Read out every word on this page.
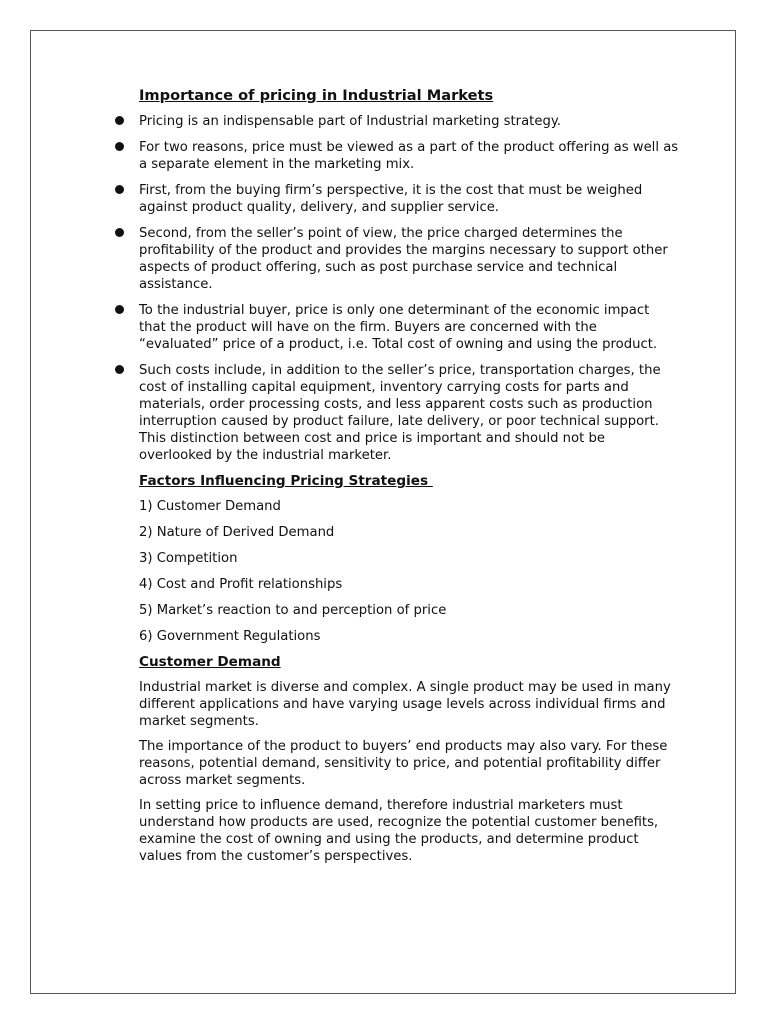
Importance of pricing in Industrial Markets
Pricing is an indispensable part of Industrial marketing strategy.
For two reasons, price must be viewed as a part of the product offering as well as a separate element in the marketing mix.
First, from the buying firm’s perspective, it is the cost that must be weighed against product quality, delivery, and supplier service.
Second, from the seller’s point of view, the price charged determines the profitability of the product and provides the margins necessary to support other aspects of product offering, such as post purchase service and technical assistance.
To the industrial buyer, price is only one determinant of the economic impact that the product will have on the firm. Buyers are concerned with the “evaluated” price of a product, i.e. Total cost of owning and using the product.
Such costs include, in addition to the seller’s price, transportation charges, the cost of installing capital equipment, inventory carrying costs for parts and materials, order processing costs, and less apparent costs such as production interruption caused by product failure, late delivery, or poor technical support. This distinction between cost and price is important and should not be overlooked by the industrial marketer.
Factors Influencing Pricing Strategies
1) Customer Demand
2) Nature of Derived Demand
3) Competition
4) Cost and Profit relationships
5) Market’s reaction to and perception of price
6) Government Regulations
Customer Demand

Industrial market is diverse and complex. A single product may be used in many different applications and have varying usage levels across individual firms and market segments.

The importance of the product to buyers’ end products may also vary. For these reasons, potential demand, sensitivity to price, and potential profitability differ across market segments.

In setting price to influence demand, therefore industrial marketers must understand how products are used, recognize the potential customer benefits, examine the cost of owning and using the products, and determine product values from the customer’s perspectives.
